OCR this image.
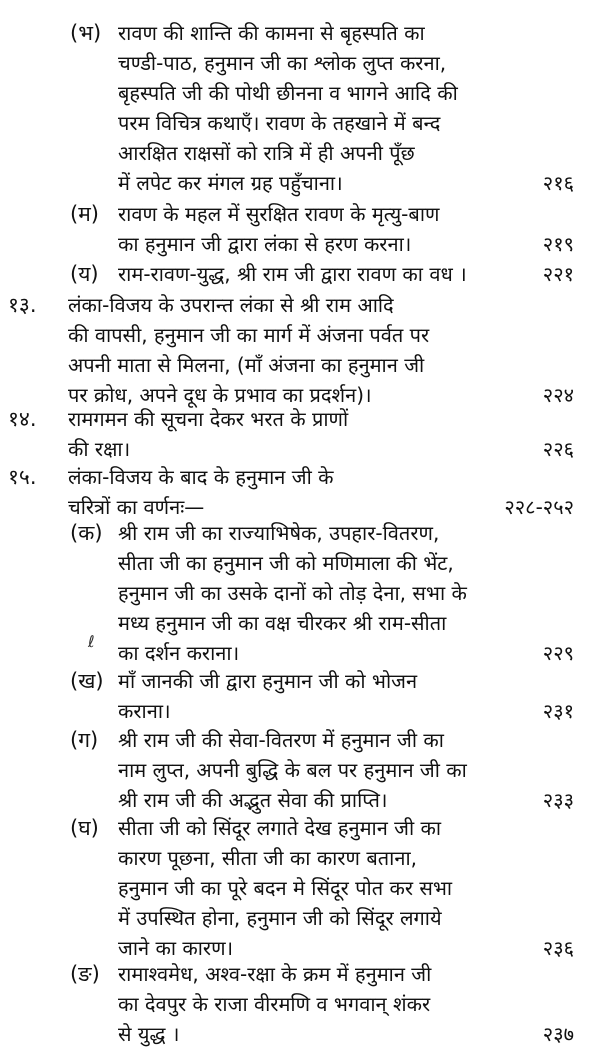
(भ) रावण की शान्ति की कामना से बृहस्पति का
चण्डी-पाठ, हनुमान जी का श्लोक लुप्त करना,
बृहस्पति जी की पोथी छीनना व भागने आदि की
परम विचित्र कथाएँ। रावण के तहखाने में बन्द
आरक्षित राक्षसों को रात्रि में ही अपनी पूँछ
में लपेट कर मंगल ग्रह पहुँचाना।	२१६
(म) रावण के महल में सुरक्षित रावण के मृत्यु-बाण
का हनुमान जी द्वारा लंका से हरण करना।	२१९
(य) राम-रावण-युद्ध, श्री राम जी द्वारा रावण का वध ।	२२१
१३. लंका-विजय के उपरान्त लंका से श्री राम आदि
की वापसी, हनुमान जी का मार्ग में अंजना पर्वत पर
अपनी माता से मिलना, (माँ अंजना का हनुमान जी
पर क्रोध, अपने दूध के प्रभाव का प्रदर्शन)।	२२४
१४. रामगमन की सूचना देकर भरत के प्राणों
की रक्षा।	२२६
१५. लंका-विजय के बाद के हनुमान जी के
चरित्रों का वर्णनः—	२२८-२५२
(क) श्री राम जी का राज्याभिषेक, उपहार-वितरण,
सीता जी का हनुमान जी को मणिमाला की भेंट,
हनुमान जी का उसके दानों को तोड़ देना, सभा के
मध्य हनुमान जी का वक्ष चीरकर श्री राम-सीता
का दर्शन कराना।	२२९
(ख) माँ जानकी जी द्वारा हनुमान जी को भोजन
कराना।	२३१
(ग) श्री राम जी की सेवा-वितरण में हनुमान जी का
नाम लुप्त, अपनी बुद्धि के बल पर हनुमान जी का
श्री राम जी की अद्भुत सेवा की प्राप्ति।	२३३
(घ) सीता जी को सिंदूर लगाते देख हनुमान जी का
कारण पूछना, सीता जी का कारण बताना,
हनुमान जी का पूरे बदन मे सिंदूर पोत कर सभा
में उपस्थित होना, हनुमान जी को सिंदूर लगाये
जाने का कारण।	२३६
(ङ) रामाश्वमेध, अश्व-रक्षा के क्रम में हनुमान जी
का देवपुर के राजा वीरमणि व भगवान् शंकर
से युद्ध ।	२३७
ℓ
